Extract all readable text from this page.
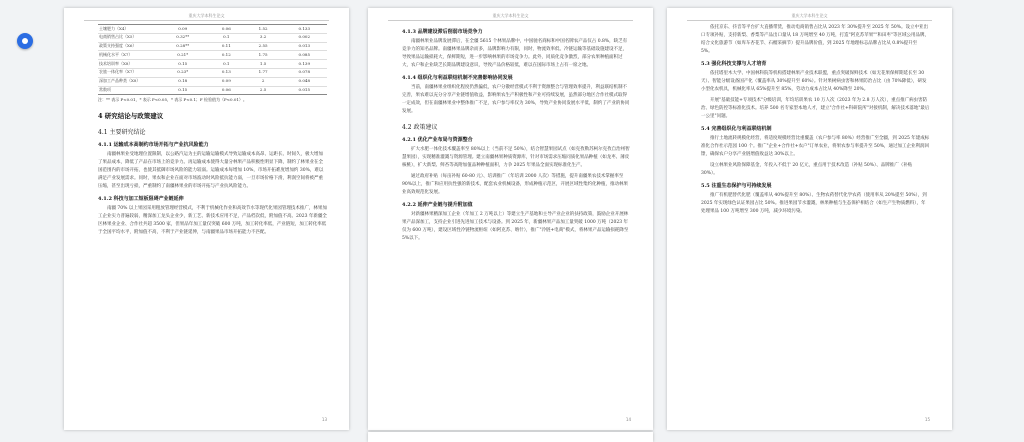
重庆大学本科生论文
土壤肥力（X4）	0.09	0.06	1.52	0.133
电商销售占比（X5）	0.32**	0.1	3.2	0.002
政策支持强度（X6）	0.28**	0.11	2.55	0.013
机械化水平（X7）	0.21*	0.12	1.75	0.085
技术培训率（X8）	0.15	0.1	1.5	0.139
农旅一体化率（X7）	0.23*	0.13	1.77	0.078
深加工产品种类（X8）	0.18	0.09	2	0.048
常数项	0.15	0.06	2.5	0.015
注：** 表示 P<0.01，* 表示 P<0.05，* 表示 P<0.1；F 检验值为（P<0.01）。
4 研究结论与政策建议
4.1 主要研究结论
4.1.1 运输成本高制约市场开拓与产业抗风险能力

南疆林果业受地理位置限制，以公路汽运为主的运输运输模式导致运输成本高昂、运距长、时间久，极大增加了果品成本，降低了产品在市场上的竞争力。再运输成本使得大量分林果产品积极性明显下降，制约了林果业在全国范围内的市场开拓，也使其抵御市场风险的能力较弱。运输成本每增加 10%，市场开拓难度增加约 30%，难以满足产业发展需求。同时，果农和企业在面对市场波动时风险抵抗能力弱，一旦市场价格下滑，利润空间将被严重压缩，甚至出现亏损，严重制约了南疆林果业的市场开拓与产业抗风险能力。

4.1.2 科技与加工短板阻碍产业链延伸

南疆 70% 以上果园采用粗放管理经营模式，不利于机械化作业和高效节水等现代化果园管理技术推广，林果加工企业实力普遍较弱，精深加工龙头企业少，新工艺、新技术应用不足，产品档次低，附加值不高。2023 年新疆全区林果业企业、合作社共超 3500 家，但果品年加工量仅突破 600 万吨，加工转化率低，产业链短，加工转化率低于全国平均水平，附加值不高，不利于产业链延伸，与南疆果品市场开拓能力不匹配。

13
重庆大学本科生论文
4.1.3 品牌建设滞后削弱市场竞争力

南疆林果业品牌发展滞后，在全疆 5615 个林果品牌中，中国驰名商标和中国名牌农产品仅占 0.8%，缺乏有竞争力的知名品牌。南疆林果品牌杂而多，品牌影响力有限，同时，物流效率低、冷链运输等基础设施建设不足，导致果品运输损耗大，保鲜期短，进一步影响林果的市场竞争力。此外，同质化竞争激烈，部分农果种植面积过大，农户和企业缺乏长期品牌建设意识，导致产品价格较低，难以在国际市场上占有一席之地。

4.1.4 组织化与利益联结机制不完善影响协同发展

当前，南疆林果业组织化程度仍然偏低，农户分散经营模式不利于资源整合与管理效率提升，利益联结机制不完善，果农难以充分分享产业链增值收益，影响果农生产积极性和产业可持续发展，虽然部分地区合作社模式取得一定成效，但在南疆林果业中整体推广不足，农户参与率仅为 30%，导致产业协同发展水平低，制约了产业的协同发展。

4.2 政策建议
4.2.1 优化产业布局与资源整合

扩大水肥一体化技术覆盖率至 80%以上（当前不足 50%），结合智慧果园试点（如克孜勒苏柯尔克孜自治州智慧果园），实现精准灌溉与资源管理。建立南疆林果种质资源库，针对市场需求压缩同质化果品种植（如龙枣、薄皮核桃），扩大新梨、鲜杏等高附加值品种种植面积，力争 2025 年果品全面实现标准化生产。

通过政府补贴（每亩补贴 60-80 元）、培训推广（年培训 2000 人次）等措施，提升南疆果农技术掌握率至 90%以上，推广和应用抗性强的新技术，配套农业机械设备，形成种植示范区，开展区域性集约化种植，推动林果业高效规范化发展。

4.2.2 延伸产业链与提升附加值

对新疆林果精深加工企业（年加工 2 万吨以上）等建立生产基地和主导产业企业的扶持政策，鼓励企业开展林果产品深加工，支持企业引进先进加工技术与设备。到 2025 年，新疆林果产品加工量突破 1000 万吨（2023 年仅为 600 万吨），建设区域性冷链物流枢纽（如阿克苏、喀什），推广"冷链+电商"模式，将林果产品运输损耗降至 5%以下。

14
重庆大学本科生论文

依托京东、抖音等平台扩大直播带货，推动电商销售占比从 2023 年 30%提升至 2025 年 50%。设立中亚出口专项补贴，支持新梨、香梨等产品出口量从 18 万吨增至 40 万吨，打造"阿克苏苹果""和田枣"等区域公用品牌，结合文化旅游节（如库车杏花节、石榴采摘节）提升品牌价值，到 2025 年地理标志品牌占比从 0.8%提升至 5%。

5.3 强化科技支撑与人才培育

依托塔里木大学、中国林科院等机构搭建林果产业技术联盟，重点突破保鲜技术（如无花果保鲜期延长至 30 天）、智能分级设备国产化（覆盖率从 30%提升至 60%）。针对果树病虫害和林果防治占比（由 70%降低），研发小型化农机具，机械化率从 65%提升至 85%，劳动力成本占比从 40%降至 20%。

开展"基础技能+专项技术"分级培训，年均培训果农 10 万人次（2023 年为 2.8 万人次），重点推广病虫害防治、绿色防控等标准化技术。培养 500 名专家型本地人才，建立"合作社+科研院所"对接机制，解决技术落地"最后一公里"问题。

5.4 完善组织化与利益联结机制

推行土地流转规模化经营，将适度规模经营比重覆盖（农户参与率 80%）经营推广至全疆，到 2025 年建成标准化合作社示范园 100 个。推广"企业+合作社+农户"订单农业，将果农参与率提升至 50%，通过加工企业利润回馈，确保农户分享产业链增值收益达 30%以上。

设立林果业风险保障基金，年投入不低于 20 亿元，重点用于技术改造（补贴 50%）、品牌推广（补贴 30%）。

5.5 注重生态保护与可持续发展

推广有机肥替代化肥（覆盖率从 40%提升至 80%）、生物农药替代化学农药（使用率从 20%提至 50%），到 2025 年实现绿色认证果园占比 50%。推进果园节水灌溉，林果种植与生态保护相结合（如生产生物质燃料），年处理果品 100 万吨增至 300 万吨，减少环境污染。

15
